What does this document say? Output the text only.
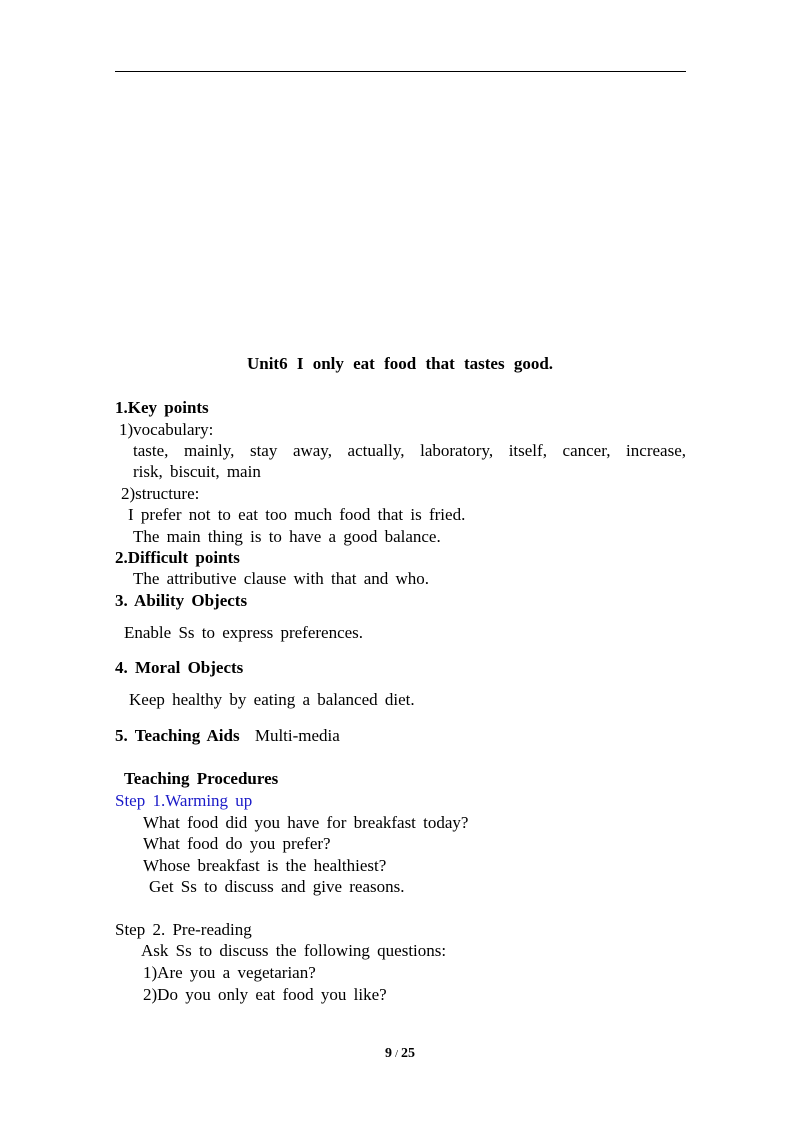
Unit6 I only eat food that tastes good.
1.Key points
1)vocabulary:
taste, mainly, stay away, actually, laboratory, itself, cancer, increase,
risk, biscuit, main
2)structure:
I prefer not to eat too much food that is fried.
The main thing is to have a good balance.
2.Difficult points
The attributive clause with that and who.
3. Ability Objects
Enable Ss to express preferences.
4. Moral Objects
Keep healthy by eating a balanced diet.
5. Teaching Aids Multi-media
Teaching Procedures
Step 1.Warming up
What food did you have for breakfast today?
What food do you prefer?
Whose breakfast is the healthiest?
Get Ss to discuss and give reasons.
Step 2. Pre-reading
Ask Ss to discuss the following questions:
1)Are you a vegetarian?
2)Do you only eat food you like?
9 / 25
